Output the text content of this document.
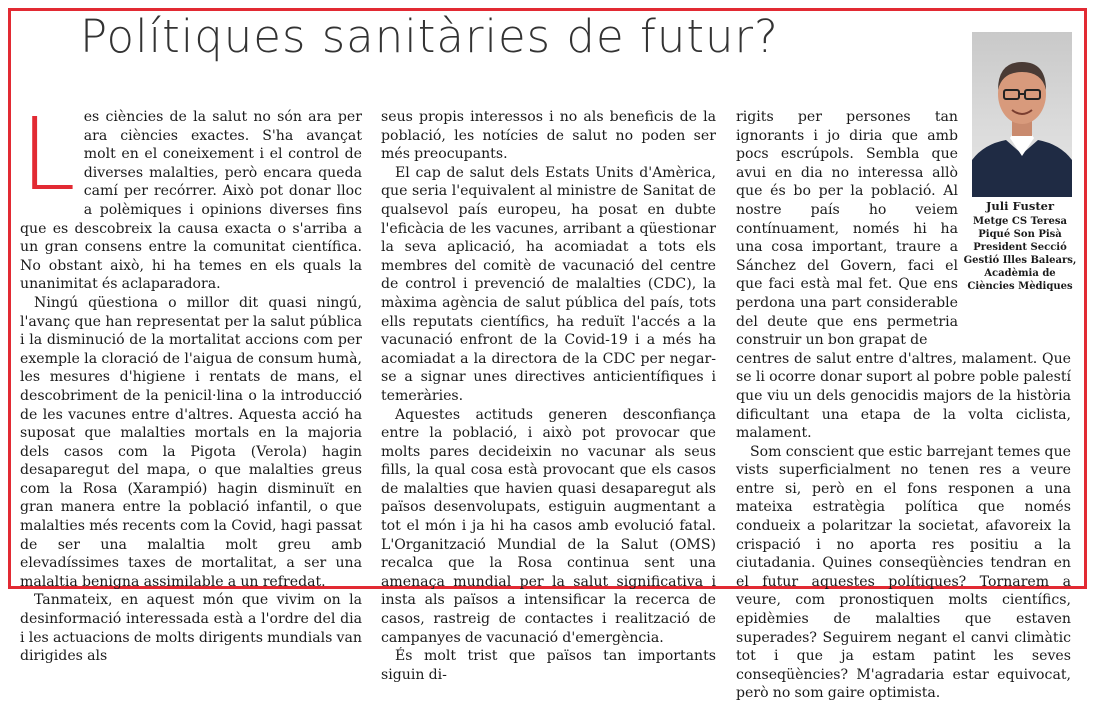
Polítiques sanitàries de futur?

Les ciències de la salut no són ara per ara ciències exactes. S'ha avançat molt en el coneixement i el control de diverses malalties, però encara queda camí per recórrer. Això pot donar lloc a polèmiques i opinions diverses fins que es descobreix la causa exacta o s'arriba a un gran consens entre la comunitat científica. No obstant això, hi ha temes en els quals la unanimitat és aclaparadora.

Ningú qüestiona o millor dit quasi ningú, l'avanç que han representat per la salut pública i la disminució de la mortalitat accions com per exemple la cloració de l'aigua de consum humà, les mesures d'higiene i rentats de mans, el descobriment de la penicil·lina o la introducció de les vacunes entre d'altres. Aquesta acció ha suposat que malalties mortals en la majoria dels casos com la Pigota (Verola) hagin desaparegut del mapa, o que malalties greus com la Rosa (Xarampió) hagin disminuït en gran manera entre la població infantil, o que malalties més recents com la Covid, hagi passat de ser una malaltia molt greu amb elevadíssimes taxes de mortalitat, a ser una malaltia benigna assimilable a un refredat.

Tanmateix, en aquest món que vivim on la desinformació interessada està a l'ordre del dia i les actuacions de molts dirigents mundials van dirigides als

seus propis interessos i no als beneficis de la població, les notícies de salut no poden ser més preocupants.

El cap de salut dels Estats Units d'Amèrica, que seria l'equivalent al ministre de Sanitat de qualsevol país europeu, ha posat en dubte l'eficàcia de les vacunes, arribant a qüestionar la seva aplicació, ha acomiadat a tots els membres del comitè de vacunació del centre de control i prevenció de malalties (CDC), la màxima agència de salut pública del país, tots ells reputats científics, ha reduït l'accés a la vacunació enfront de la Covid-19 i a més ha acomiadat a la directora de la CDC per negar-se a signar unes directives anticientífiques i temeràries.

Aquestes actituds generen desconfiança entre la població, i això pot provocar que molts pares decideixin no vacunar als seus fills, la qual cosa està provocant que els casos de malalties que havien quasi desaparegut als països desenvolupats, estiguin augmentant a tot el món i ja hi ha casos amb evolució fatal. L'Organització Mundial de la Salut (OMS) recalca que la Rosa continua sent una amenaça mundial per la salut significativa i insta als països a intensificar la recerca de casos, rastreig de contactes i realització de campanyes de vacunació d'emergència.

És molt trist que països tan importants siguin di-

rigits per persones tan ignorants i jo diria que amb pocs escrúpols. Sembla que avui en dia no interessa allò que és bo per la població. Al nostre país ho veiem contínuament, només hi ha una cosa important, traure a Sánchez del Govern, faci el que faci està mal fet. Que ens perdona una part considerable del deute que ens permetria construir un bon grapat de

centres de salut entre d'altres, malament. Que se li ocorre donar suport al pobre poble palestí que viu un dels genocidis majors de la història dificultant una etapa de la volta ciclista, malament.

Som conscient que estic barrejant temes que vists superficialment no tenen res a veure entre si, però en el fons responen a una mateixa estratègia política que només condueix a polaritzar la societat, afavoreix la crispació i no aporta res positiu a la ciutadania. Quines conseqüències tendran en el futur aquestes polítiques? Tornarem a veure, com pronostiquen molts científics, epidèmies de malalties que estaven superades? Seguirem negant el canvi climàtic tot i que ja estam patint les seves conseqüències? M'agradaria estar equivocat, però no som gaire optimista.

Juli Fuster
Metge CS Teresa
Piqué Son Pisà
President Secció
Gestió Illes Balears,
Acadèmia de
Ciències Mèdiques
